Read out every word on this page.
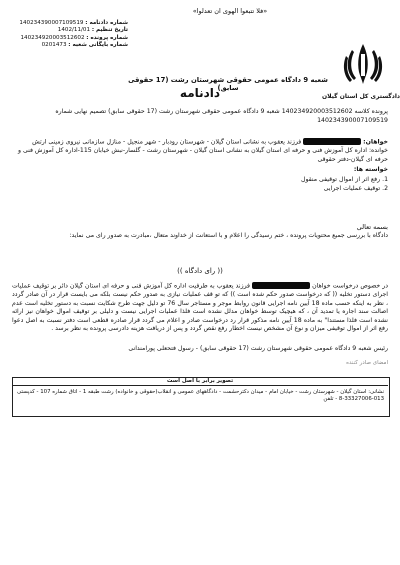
«فلا تتبعوا الهوى ان تعدلوا»
شماره دادنامه : 140234390007109519
تاریخ تنظیم : 1402/11/01
شماره پرونده : 140234920003512602
شماره بایگانی شعبه : 0201473
دادگستری کل استان گیلان
شعبه 9 دادگاه عمومی حقوقی شهرستان رشت (17 حقوقی سابق)
دادنامه
پرونده کلاسه 140234920003512602 شعبه 9 دادگاه عمومی حقوقی شهرستان رشت (17 حقوقی سابق) تصمیم نهایی شماره
140234390007109519
خواهان:  فرزند یعقوب به نشانی استان گیلان - شهرستان رودبار - شهر منجیل - منازل سازمانی نیروی زمینی ارتش
خوانده: اداره کل آموزش فنی و حرفه ای استان گیلان به نشانی استان گیلان - شهرستان رشت - گلسار-نبش خیابان 115-اداره کل آموزش فنی و حرفه ای گیلان-دفتر حقوقی
خواسته ها:
1. رفع اثر از اموال توقیفی منقول
2. توقیف عملیات اجرایی
بسمه تعالی
دادگاه با بررسی جمیع محتویات پرونده ، ختم رسیدگی را اعلام و با استعانت از خداوند متعال ،مبادرت به صدور رای می نماید:
(( رای دادگاه ))
در خصوص درخواست خواهان  فرزند یعقوب به طرفیت اداره کل آموزش فنی و حرفه ای استان گیلان دائر بر توقیف عملیات اجرای دستور تخلیه (( که درخواست صدور حکم شده است )) که تو قف عملیات نیازی به صدور حکم نیست بلکه می بایست قرار در آن صادر گردد ، نظر به اینکه حسب ماده 18 آیین نامه اجرایی قانون روابط موجر و مستاجر سال 76 تو دلیل جهت طرح شکایت نسبت به دستور تخلیه است عدم اصالت سند اجاره یا تمدید آن ، که هیچیک توسط خواهان مدلل نشده است فلذا عملیات اجرایی نیست و دلیلی بر توقیف اموال خواهان نیز ارائه نشده است فلذا مستندا" به ماده 18 آیین نامه مذکور قرار رد درخواست صادر و اعلام می گردد قرار صادره قطعی است دفتر نسبت به اصل دعوا رفع اثر از اموال توقیفی میزان و نوع آن مشخص نیست اخطار رفع نقص گردد و پس از دریافت هزینه دادرسی پرونده به نظر برسد .
رئیس شعبه 9 دادگاه عمومی حقوقی شهرستان رشت (17 حقوقی سابق) - رسول فتحعلی پورامندانی
امضای صادر کننده
تصویر برابر با اصل است
نشانی: استان گیلان - شهرستان رشت - خیابان امام - میدان دکترحشمت - دادگاههای عمومی و انقلاب(حقوقی و خانواده) رشت طبقه 1 - اتاق شماره 107 - کدپستی 013-33327006-8 - تلفن
